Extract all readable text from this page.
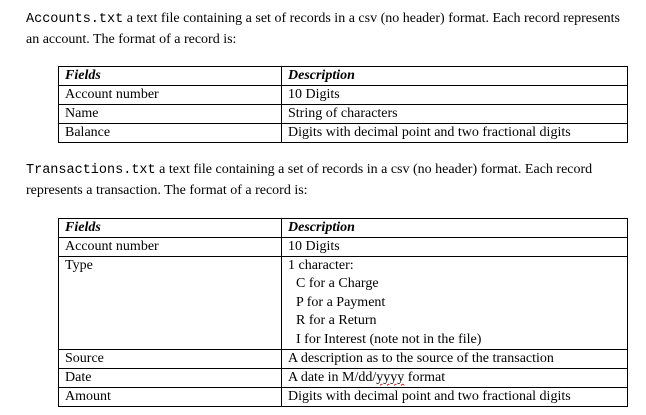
Accounts.txt a text file containing a set of records in a csv (no header) format. Each record represents an account. The format of a record is:

Fields	Description
Account number	10 Digits
Name	String of characters
Balance	Digits with decimal point and two fractional digits

Transactions.txt a text file containing a set of records in a csv (no header) format. Each record represents a transaction. The format of a record is:

Fields	Description
Account number	10 Digits
Type	1 character:
C for a Charge
P for a Payment
R for a Return
I for Interest (note not in the file)

Source	A description as to the source of the transaction
Date	A date in M/dd/yyyy format
Amount	Digits with decimal point and two fractional digits
